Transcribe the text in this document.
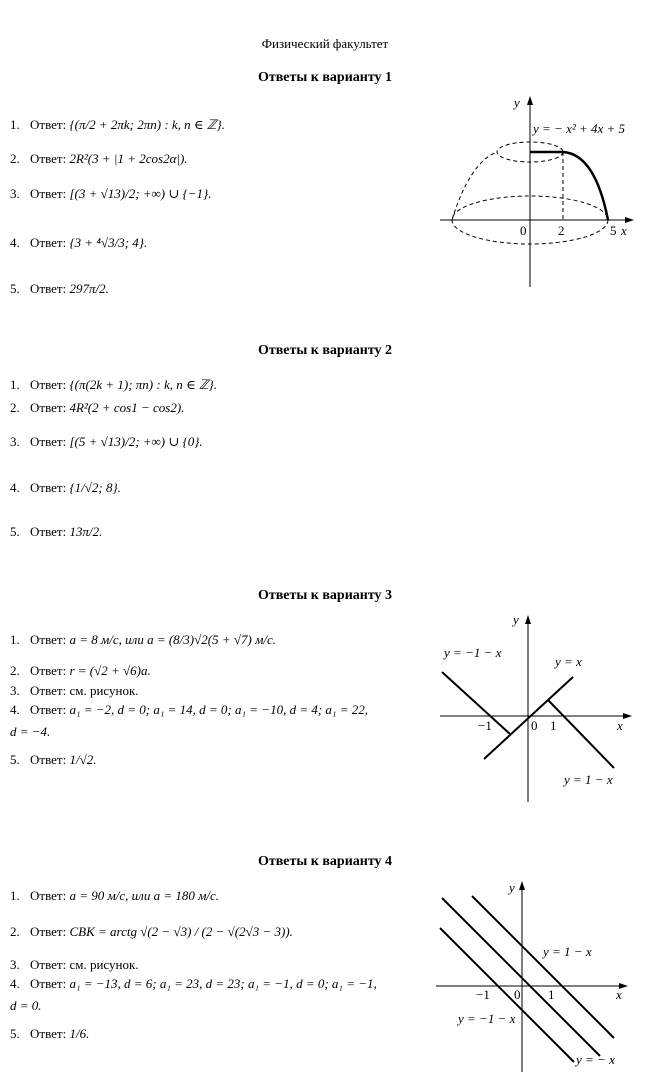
Физический факультет
Ответы к варианту 1
1. Ответ: {(π/2 + 2πk; 2πn) : k, n ∈ ℤ}.
2. Ответ: 2R²(3 + |1 + 2cos2α|).
3. Ответ: [(3 + √13)/2; +∞) ∪ {−1}.
4. Ответ: {3 + ⁴√3/3; 4}.
5. Ответ: 297π/2.
y
y = − x² + 4x + 5
0 2	5 x
Ответы к варианту 2
1. Ответ: {(π(2k + 1); πn) : k, n ∈ ℤ}.
2. Ответ: 4R²(2 + cos1 − cos2).
3. Ответ: [(5 + √13)/2; +∞) ∪ {0}.
4. Ответ: {1/√2; 8}.
5. Ответ: 13π/2.
Ответы к варианту 3
1. Ответ: a = 8 м/с, или a = (8/3)√2(5 + √7) м/с.
2. Ответ: r = (√2 + √6)a.
3. Ответ: см. рисунок.
4. Ответ: a₁ = −2, d = 0; a₁ = 14, d = 0; a₁ = −10, d = 4; a₁ = 22,
d = −4.
5. Ответ: 1/√2.
y
y = −1 − x
y = x
y = 1 − x
−1	0 1	x
Ответы к варианту 4
1. Ответ: a = 90 м/с, или a = 180 м/с.
2. Ответ: CBK = arctg √(2 − √3) / (2 − √(2√3 − 3)).
3. Ответ: см. рисунок.
4. Ответ: a₁ = −13, d = 6; a₁ = 23, d = 23; a₁ = −1, d = 0; a₁ = −1,
d = 0.
5. Ответ: 1/6.
y
y = 1 − x
y = −1 − x
y = − x
−1 0 1	x
